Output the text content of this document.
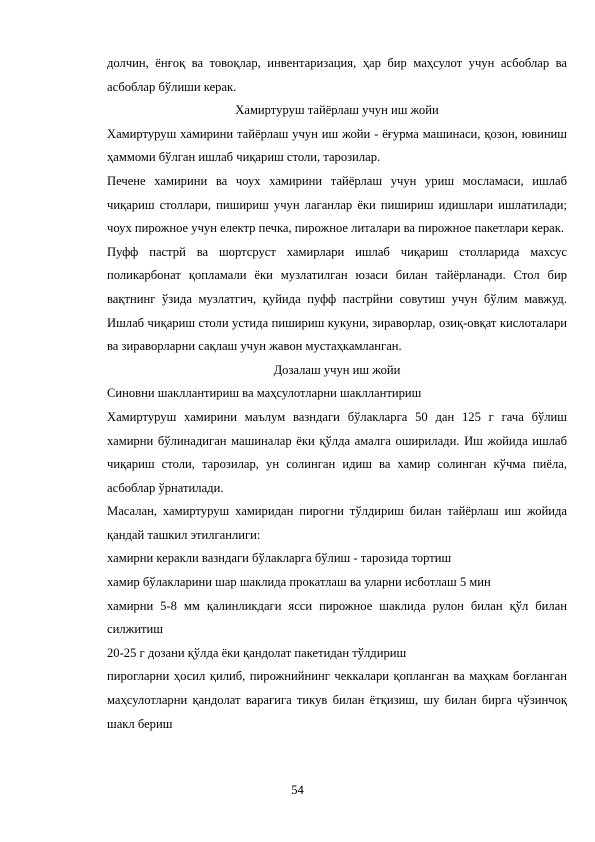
долчин, ёнғоқ ва товоқлар, инвентаризация, ҳар бир маҳсулот учун асбоблар ва асбоблар бўлиши керак.

Хамиртуруш тайёрлаш учун иш жойи

Хамиртуруш хамирини тайёрлаш учун иш жойи - ёғурма машинаси, қозон, ювиниш ҳаммоми бўлган ишлаб чиқариш столи, тарозилар.

Печене хамирини ва чоух хамирини тайёрлаш учун уриш мосламаси, ишлаб чиқариш столлари, пишириш учун лаганлар ёки пишириш идишлари ишлатилади; чоух пирожное учун електр печка, пирожное литалари ва пирожное пакетлари керак.

Пуфф пастрй ва шортсруст хамирлари ишлаб чиқариш столларида махсус поликарбонат қопламали ёки музлатилган юзаси билан тайёрланади. Стол бир вақтнинг ўзида музлатгич, қуйида пуфф пастрйни совутиш учун бўлим мавжуд. Ишлаб чиқариш столи устида пишириш кукуни, зираворлар, озиқ-овқат кислоталари ва зираворларни сақлаш учун жавон мустаҳкамланган.

Дозалаш учун иш жойи

Синовни шакллантириш ва маҳсулотларни шакллантириш

Хамиртуруш хамирини маълум вазндаги бўлакларга 50 дан 125 г гача бўлиш хамирни бўлинадиган машиналар ёки қўлда амалга оширилади. Иш жойида ишлаб чиқариш столи, тарозилар, ун солинган идиш ва хамир солинган кўчма пиёла, асбоблар ўрнатилади.

Масалан, хамиртуруш хамиридан пирогни тўлдириш билан тайёрлаш иш жойида қандай ташкил этилганлиги:

хамирни керакли вазндаги бўлакларга бўлиш - тарозида тортиш

хамир бўлакларини шар шаклида прокатлаш ва уларни исботлаш 5 мин

хамирни 5-8 мм қалинликдаги ясси пирожное шаклида рулон билан қўл билан силжитиш

20-25 г дозани қўлда ёки қандолат пакетидан тўлдириш

пирогларни ҳосил қилиб, пирожнийнинг чеккалари қопланган ва маҳкам боғланган маҳсулотларни қандолат варағига тикув билан ётқизиш, шу билан бирга чўзинчоқ шакл бериш

54
